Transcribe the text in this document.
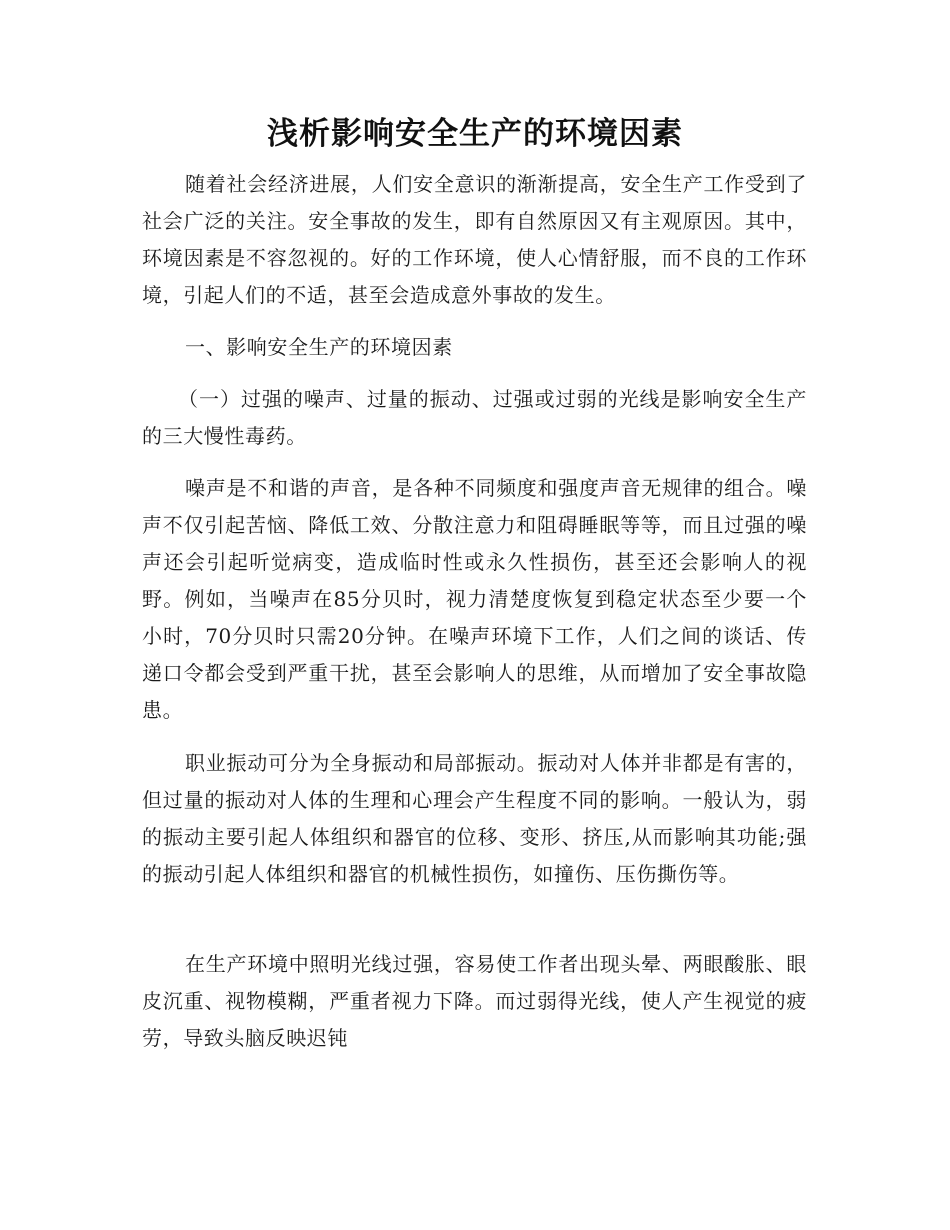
浅析影响安全生产的环境因素

随着社会经济进展，人们安全意识的渐渐提高，安全生产工作受到了社会广泛的关注。安全事故的发生，即有自然原因又有主观原因。其中，环境因素是不容忽视的。好的工作环境，使人心情舒服，而不良的工作环境，引起人们的不适，甚至会造成意外事故的发生。

一、影响安全生产的环境因素

（一）过强的噪声、过量的振动、过强或过弱的光线是影响安全生产的三大慢性毒药。

噪声是不和谐的声音，是各种不同频度和强度声音无规律的组合。噪声不仅引起苦恼、降低工效、分散注意力和阻碍睡眠等等，而且过强的噪声还会引起听觉病变，造成临时性或永久性损伤，甚至还会影响人的视野。例如，当噪声在85分贝时，视力清楚度恢复到稳定状态至少要一个小时，70分贝时只需20分钟。在噪声环境下工作，人们之间的谈话、传递口令都会受到严重干扰，甚至会影响人的思维，从而增加了安全事故隐患。

职业振动可分为全身振动和局部振动。振动对人体并非都是有害的，但过量的振动对人体的生理和心理会产生程度不同的影响。一般认为，弱的振动主要引起人体组织和器官的位移、变形、挤压,从而影响其功能;强的振动引起人体组织和器官的机械性损伤，如撞伤、压伤撕伤等。

在生产环境中照明光线过强，容易使工作者出现头晕、两眼酸胀、眼皮沉重、视物模糊，严重者视力下降。而过弱得光线，使人产生视觉的疲劳，导致头脑反映迟钝
